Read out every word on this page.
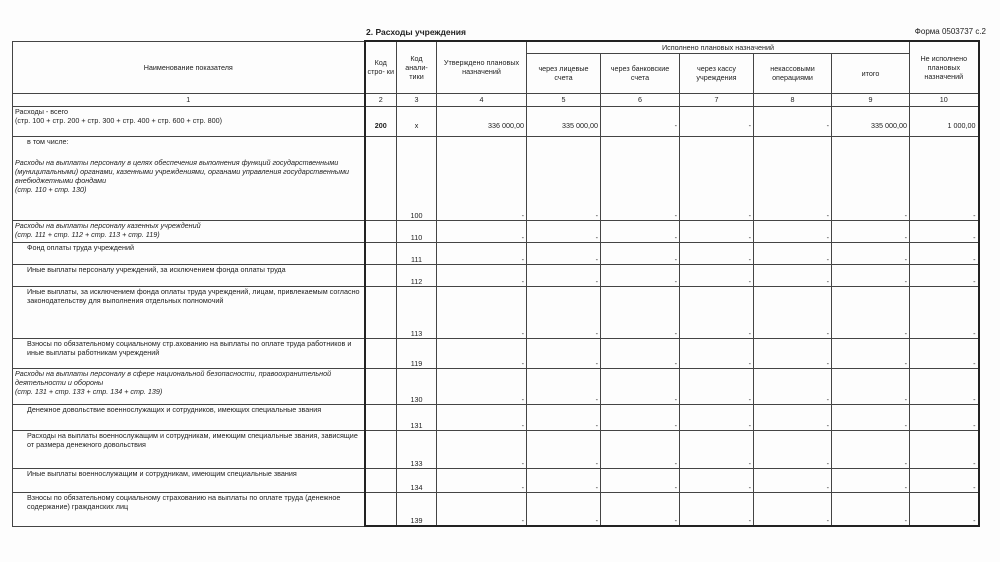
2. Расходы учреждения	Форма 0503737 с.2
Наименование показателя	Код стро- ки	Код анали- тики	Утверждено плановых назначений	Исполнено плановых назначений					Не исполнено плановых назначений
				через лицевые счета	через банковские счета	через кассу учреждения	некассовыми операциями	итого	
1	2	3	4	5	6	7	8	9	10

Расходы - всего
(стр. 100 + стр. 200 + стр. 300 + стр. 400 + стр. 600 + стр. 800)	200	x	336 000,00	335 000,00	-	-	-	335 000,00	1 000,00

в том числе:
Расходы на выплаты персоналу в целях обеспечения выполнения функций государственными (муниципальными) органами, казенными учреждениями, органами управления государственными внебюджетными фондами
(стр. 110 + стр. 130)		100	-	-	-	-	-	-	-

Расходы на выплаты персоналу казенных учреждений
(стр. 111 + стр. 112 + стр. 113 + стр. 119)		110	-	-	-	-	-	-	-

Фонд оплаты труда учреждений		111	-	-	-	-	-	-	-

Иные выплаты персоналу учреждений, за исключением фонда оплаты труда		112	-	-	-	-	-	-	-

Иные выплаты, за исключением фонда оплаты труда учреждений, лицам, привлекаемым согласно законодательству для выполнения отдельных полномочий		113	-	-	-	-	-	-	-

Взносы по обязательному социальному стр.ахованию на выплаты по оплате труда работников и иные выплаты работникам учреждений		119	-	-	-	-	-	-	-

Расходы на выплаты персоналу в сфере национальной безопасности, правоохранительной деятельности и обороны
(стр. 131 + стр. 133 + стр. 134 + стр. 139)		130	-	-	-	-	-	-	-

Денежное довольствие военнослужащих и сотрудников, имеющих специальные звания		131	-	-	-	-	-	-	-

Расходы на выплаты военнослужащим и сотрудникам, имеющим специальные звания, зависящие от размера денежного довольствия		133	-	-	-	-	-	-	-

Иные выплаты военнослужащим и сотрудникам, имеющим специальные звания		134	-	-	-	-	-	-	-

Взносы по обязательному социальному страхованию на выплаты по оплате труда (денежное содержание) гражданских лиц		139	-	-	-	-	-	-	-
